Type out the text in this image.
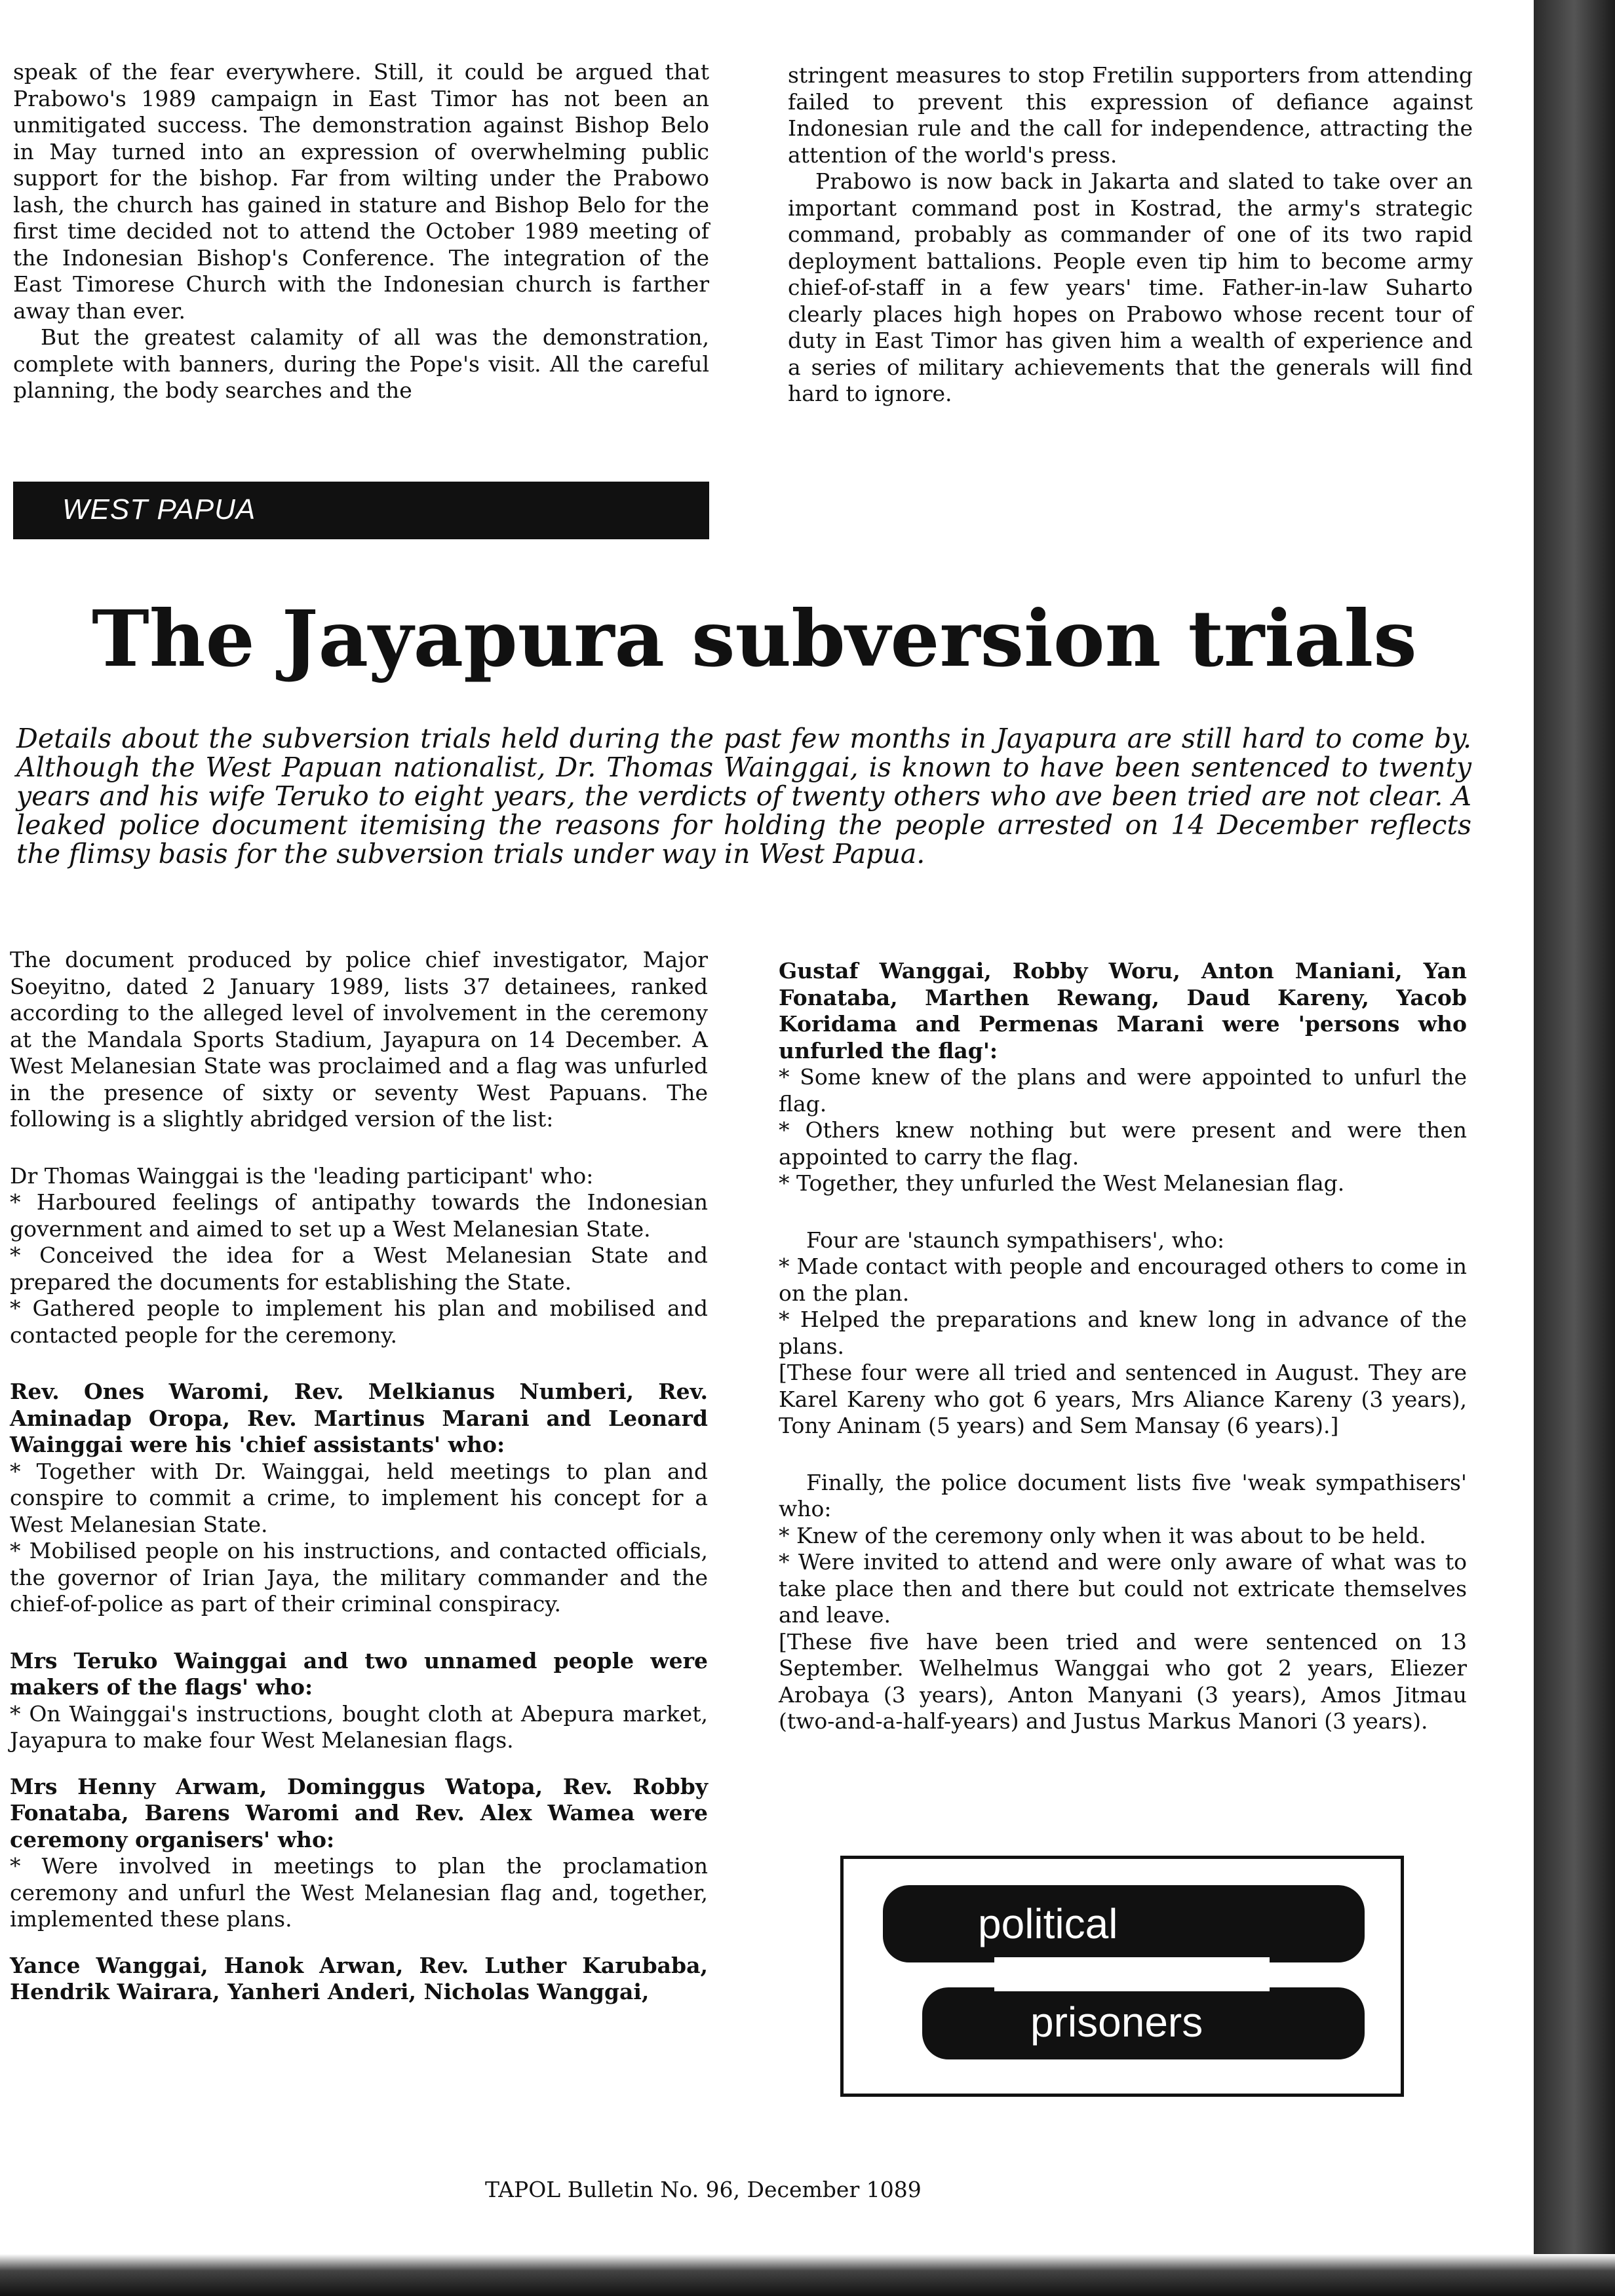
speak of the fear everywhere. Still, it could be argued that Prabowo's 1989 campaign in East Timor has not been an unmitigated success. The demonstration against Bishop Belo in May turned into an expression of overwhelming public support for the bishop. Far from wilting under the Prabowo lash, the church has gained in stature and Bishop Belo for the first time decided not to attend the October 1989 meeting of the Indonesian Bishop's Conference. The integration of the East Timorese Church with the Indonesian church is farther away than ever.

But the greatest calamity of all was the demonstration, complete with banners, during the Pope's visit. All the careful planning, the body searches and the

stringent measures to stop Fretilin supporters from attending failed to prevent this expression of defiance against Indonesian rule and the call for independence, attracting the attention of the world's press.

Prabowo is now back in Jakarta and slated to take over an important command post in Kostrad, the army's strategic command, probably as commander of one of its two rapid deployment battalions. People even tip him to become army chief-of-staff in a few years' time. Father-in-law Suharto clearly places high hopes on Prabowo whose recent tour of duty in East Timor has given him a wealth of experience and a series of military achievements that the generals will find hard to ignore.

WEST PAPUA
The Jayapura subversion trials

Details about the subversion trials held during the past few months in Jayapura are still hard to come by. Although the West Papuan nationalist, Dr. Thomas Wainggai, is known to have been sentenced to twenty years and his wife Teruko to eight years, the verdicts of twenty others who ave been tried are not clear. A leaked police document itemising the reasons for holding the people arrested on 14 December reflects the flimsy basis for the subversion trials under way in West Papua.

The document produced by police chief investigator, Major Soeyitno, dated 2 January 1989, lists 37 detainees, ranked according to the alleged level of involvement in the ceremony at the Mandala Sports Stadium, Jayapura on 14 December. A West Melanesian State was proclaimed and a flag was unfurled in the presence of sixty or seventy West Papuans. The following is a slightly abridged version of the list:

Dr Thomas Wainggai is the 'leading participant' who:

* Harboured feelings of antipathy towards the Indonesian government and aimed to set up a West Melanesian State.

* Conceived the idea for a West Melanesian State and prepared the documents for establishing the State.

* Gathered people to implement his plan and mobilised and contacted people for the ceremony.

Rev. Ones Waromi, Rev. Melkianus Numberi, Rev. Aminadap Oropa, Rev. Martinus Marani and Leonard Wainggai were his 'chief assistants' who:

* Together with Dr. Wainggai, held meetings to plan and conspire to commit a crime, to implement his concept for a West Melanesian State.

* Mobilised people on his instructions, and contacted officials, the governor of Irian Jaya, the military commander and the chief-of-police as part of their criminal conspiracy.

Mrs Teruko Wainggai and two unnamed people were makers of the flags' who:

* On Wainggai's instructions, bought cloth at Abepura market, Jayapura to make four West Melanesian flags.

Mrs Henny Arwam, Dominggus Watopa, Rev. Robby Fonataba, Barens Waromi and Rev. Alex Wamea were ceremony organisers' who:

* Were involved in meetings to plan the proclamation ceremony and unfurl the West Melanesian flag and, together, implemented these plans.

Yance Wanggai, Hanok Arwan, Rev. Luther Karubaba, Hendrik Wairara, Yanheri Anderi, Nicholas Wanggai,

Gustaf Wanggai, Robby Woru, Anton Maniani, Yan Fonataba, Marthen Rewang, Daud Kareny, Yacob Koridama and Permenas Marani were 'persons who unfurled the flag':

* Some knew of the plans and were appointed to unfurl the flag.

* Others knew nothing but were present and were then appointed to carry the flag.

* Together, they unfurled the West Melanesian flag.

Four are 'staunch sympathisers', who:

* Made contact with people and encouraged others to come in on the plan.

* Helped the preparations and knew long in advance of the plans.

[These four were all tried and sentenced in August. They are Karel Kareny who got 6 years, Mrs Aliance Kareny (3 years), Tony Aninam (5 years) and Sem Mansay (6 years).]

Finally, the police document lists five 'weak sympathisers' who:

* Knew of the ceremony only when it was about to be held.

* Were invited to attend and were only aware of what was to take place then and there but could not extricate themselves and leave.

[These five have been tried and were sentenced on 13 September. Welhelmus Wanggai who got 2 years, Eliezer Arobaya (3 years), Anton Manyani (3 years), Amos Jitmau (two-and-a-half-years) and Justus Markus Manori (3 years).

political
prisoners

TAPOL Bulletin No. 96, December 1089
